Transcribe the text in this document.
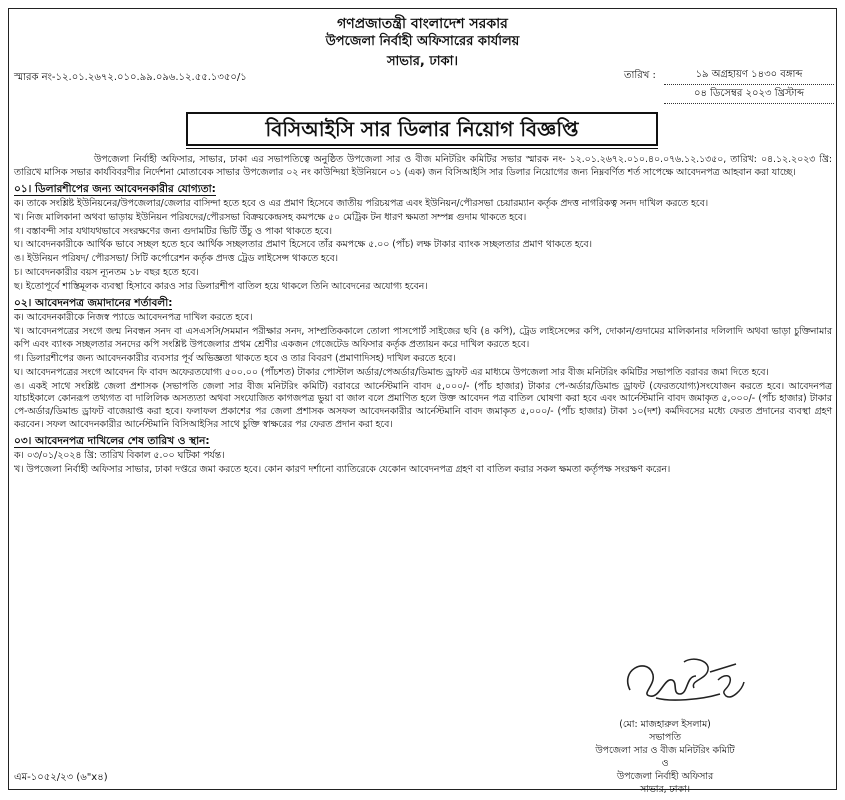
গণপ্রজাতন্ত্রী বাংলাদেশ সরকার
উপজেলা নির্বাহী অফিসারের কার্যালয়
সাভার, ঢাকা।
স্মারক নং-১২.০১.২৬৭২.০১০.৯৯.০৯৬.১২.৫৫.১৩৫০/১	তারিখ :	১৯ অগ্রহায়ণ ১৪৩০ বঙ্গাব্দ
০৪ ডিসেম্বর ২০২৩ খ্রিস্টাব্দ
বিসিআইসি সার ডিলার নিয়োগ বিজ্ঞপ্তি

উপজেলা নির্বাহী অফিসার, সাভার, ঢাকা এর সভাপতিত্বে অনুষ্ঠিত উপজেলা সার ও বীজ মনিটরিং কমিটির সভার স্মারক নং- ১২.০১.২৬৭২.০১০.৪০.০৭৬.১২.১৩৫০, তারিখ: ০৪.১২.২০২৩ খ্রি: তারিখে মাসিক সভার কার্যবিবরণীর নির্দেশনা মোতাবেক সাভার উপজেলার ০২ নং কাউন্দিয়া ইউনিয়নে ০১ (এক) জন বিসিআইসি সার ডিলার নিয়োগের জন্য নিম্নবর্ণিত শর্ত সাপেক্ষে আবেদনপত্র আহবান করা যাচ্ছে।

০১। ডিলারশীপের জন্য আবেদনকারীর যোগ্যতা:
ক। তাকে সংশ্লিষ্ট ইউনিয়নের/উপজেলার/জেলার বাসিন্দা হতে হবে ও এর প্রমাণ হিসেবে জাতীয় পরিচয়পত্র এবং ইউনিয়ন/পৌরসভা চেয়ারম্যান কর্তৃক প্রদত্ত নাগরিকত্ব সনদ দাখিল করতে হবে।
খ। নিজ মালিকানা অথবা ভাড়ায় ইউনিয়ন পরিষদের/পৌরসভা বিক্রয়কেন্দ্রসহ কমপক্ষে ৫০ মেট্রিক টন ধারণ ক্ষমতা সম্পন্ন গুদাম থাকতে হবে।
গ। বস্তাবন্দী সার যথাযথভাবে সংরক্ষণের জন্য গুদামটির ভিটি উঁচু ও পাকা থাকতে হবে।
ঘ। আবেদনকারীকে আর্থিক ভাবে সচ্ছল হতে হবে আর্থিক সচ্ছলতার প্রমাণ হিসেবে তাঁর কমপক্ষে ৫.০০ (পাঁচ) লক্ষ টাকার ব্যাংক সচ্ছলতার প্রমাণ থাকতে হবে।
ঙ। ইউনিয়ন পরিষদ/ পৌরসভা/ সিটি কর্পোরেশন কর্তৃক প্রদত্ত ট্রেড লাইসেন্স থাকতে হবে।
চ। আবেদনকারীর বয়স ন্যূনতম ১৮ বছর হতে হবে।
ছ। ইতোপূর্বে শাস্তিমূলক ব্যবস্থা হিসাবে কারও সার ডিলারশীপ বাতিল হয়ে থাকলে তিনি আবেদনের অযোগ্য হবেন।
০২। আবেদনপত্র জমাদানের শর্তাবলী:
ক। আবেদনকারীকে নিজস্ব প্যাডে আবেদনপত্র দাখিল করতে হবে।
খ। আবেদনপত্রের সংগে জন্ম নিবন্ধন সনদ বা এসএসসি/সমমান পরীক্ষার সনদ, সাম্প্রতিককালে তোলা পাসপোর্ট সাইজের ছবি (৪ কপি), ট্রেড লাইসেন্সের কপি, দোকান/গুদামের মালিকানার দলিলাদি অথবা ভাড়া চুক্তিনামার কপি এবং ব্যাংক সচ্ছলতার সনদের কপি সংশ্লিষ্ট উপজেলার প্রথম শ্রেণীর একজন গেজেটেড অফিসার কর্তৃক প্রত্যায়ন করে দাখিল করতে হবে।
গ। ডিলারশীপের জন্য আবেদনকারীর ব্যবসার পূর্ব অভিজ্ঞতা থাকতে হবে ও তার বিবরণ (প্রমাণাদিসহ) দাখিল করতে হবে।
ঘ। আবেদনপত্রের সংগে আবেদন ফি বাবদ অফেরতযোগ্য ৫০০.০০ (পাঁচশত) টাকার পোস্টাল অর্ডার/পেঅর্ডার/ডিমান্ড ড্রাফট এর মাধ্যমে উপজেলা সার বীজ মনিটরিং কমিটির সভাপতি বরাবর জমা দিতে হবে।
ঙ। একই সাথে সংশ্লিষ্ট জেলা প্রশাসক (সভাপতি জেলা সার বীজ মনিটরিং কমিটি) বরাবরে আর্নেস্টমানি বাবদ ৫,০০০/- (পাঁচ হাজার) টাকার পে-অর্ডার/ডিমান্ড ড্রাফট (ফেরতযোগ্য)সংযোজন করতে হবে। আবেদনপত্র যাচাইকালে কোনরূপ তথ্যগত বা দালিলিক অসত্যতা অথবা সংযোজিত কাগজপত্র ভুয়া বা জাল বলে প্রমাণিত হলে উক্ত আবেদন পত্র বাতিল ঘোষণা করা হবে এবং আর্নেস্টমানি বাবদ জমাকৃত ৫,০০০/- (পাঁচ হাজার) টাকার পে-অর্ডার/ডিমান্ড ড্রাফট বাজেয়াপ্ত করা হবে। ফলাফল প্রকাশের পর জেলা প্রশাসক অসফল আবেদনকারীর আর্নেস্টমানি বাবদ জমাকৃত ৫,০০০/- (পাঁচ হাজার) টাকা ১০(দশ) কর্মদিবসের মধ্যে ফেরত প্রদানের ব্যবস্থা গ্রহণ করবেন। সফল আবেদনকারীর আর্নেস্টমানি বিসিআইসির সাথে চুক্তি স্বাক্ষরের পর ফেরত প্রদান করা হবে।
০৩। আবেদনপত্র দাখিলের শেষ তারিখ ও স্থান:
ক। ০৩/০১/২০২৪ খ্রি: তারিখ বিকাল ৫.০০ ঘটিকা পর্যন্ত।
খ। উপজেলা নির্বাহী অফিসার সাভার, ঢাকা দপ্তরে জমা করতে হবে। কোন কারণ দর্শানো ব্যাতিরেকে যেকোন আবেদনপত্র গ্রহণ বা বাতিল করার সকল ক্ষমতা কর্তৃপক্ষ সংরক্ষণ করেন।
(মো: মাজহারুল ইসলাম)
সভাপতি
উপজেলা সার ও বীজ মনিটরিং কমিটি
ও
উপজেলা নির্বাহী অফিসার
সাভার, ঢাকা।
এম-১০৫২/২৩ (৬"x৪)
